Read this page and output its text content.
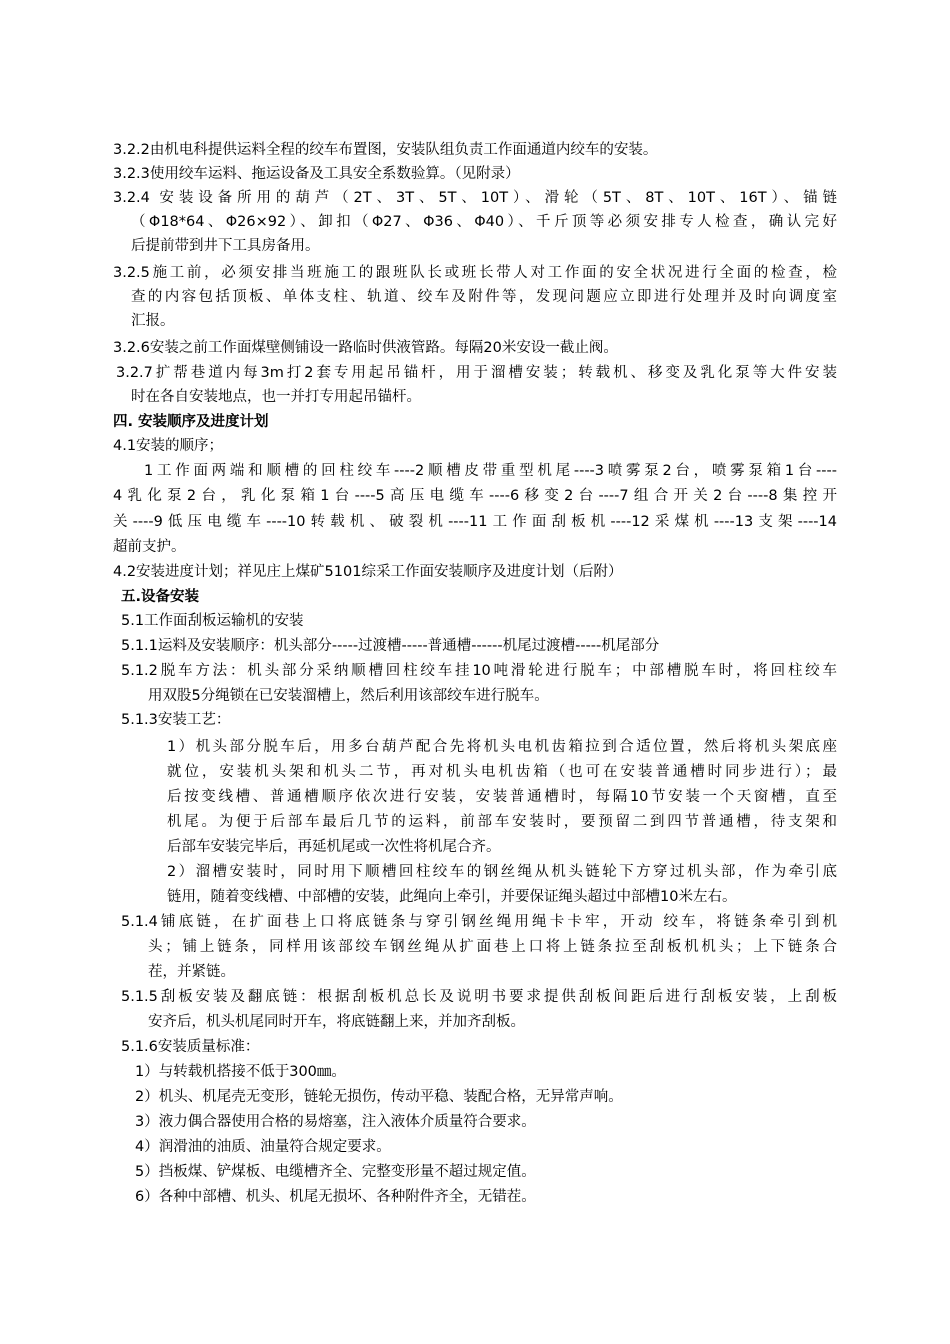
3.2.2由机电科提供运料全程的绞车布置图，安装队组负责工作面通道内绞车的安装。
3.2.3使用绞车运料、拖运设备及工具安全系数验算。（见附录）
3.2.4 安装设备所用的葫芦（2T、3T、5T、10T）、滑轮（5T、8T、10T、16T）、锚链
（Φ18*64、Φ26×92）、卸扣（Φ27、Φ36、Φ40）、千斤顶等必须安排专人检查，确认完好
后提前带到井下工具房备用。
3.2.5施工前，必须安排当班施工的跟班队长或班长带人对工作面的安全状况进行全面的检查，检
查的内容包括顶板、单体支柱、轨道、绞车及附件等，发现问题应立即进行处理并及时向调度室
汇报。
3.2.6安装之前工作面煤壁侧铺设一路临时供液管路。每隔20米安设一截止阀。
3.2.7扩帮巷道内每3m打2套专用起吊锚杆，用于溜槽安装；转载机、移变及乳化泵等大件安装
时在各自安装地点，也一并打专用起吊锚杆。
四. 安装顺序及进度计划
4.1安装的顺序；
1工作面两端和顺槽的回柱绞车----2顺槽皮带重型机尾----3喷雾泵2台，喷雾泵箱1台----
4乳化泵2台，乳化泵箱1台----5高压电缆车----6移变2台----7组合开关2台----8集控开
关----9低压电缆车----10转载机、破裂机----11工作面刮板机----12采煤机----13支架----14
超前支护。
4.2安装进度计划；祥见庄上煤矿5101综采工作面安装顺序及进度计划（后附）
五.设备安装
5.1工作面刮板运输机的安装
5.1.1运料及安装顺序：机头部分-----过渡槽-----普通槽------机尾过渡槽-----机尾部分
5.1.2脱车方法：机头部分采纳顺槽回柱绞车挂10吨滑轮进行脱车；中部槽脱车时，将回柱绞车
用双股5分绳锁在已安装溜槽上，然后利用该部绞车进行脱车。
5.1.3安装工艺：
1）机头部分脱车后，用多台葫芦配合先将机头电机齿箱拉到合适位置，然后将机头架底座
就位，安装机头架和机头二节，再对机头电机齿箱（也可在安装普通槽时同步进行）；最
后按变线槽、普通槽顺序依次进行安装，安装普通槽时，每隔10节安装一个天窗槽，直至
机尾。为便于后部车最后几节的运料，前部车安装时，要预留二到四节普通槽，待支架和
后部车安装完毕后，再延机尾或一次性将机尾合齐。
2）溜槽安装时，同时用下顺槽回柱绞车的钢丝绳从机头链轮下方穿过机头部，作为牵引底
链用，随着变线槽、中部槽的安装，此绳向上牵引，并要保证绳头超过中部槽10米左右。
5.1.4铺底链，在扩面巷上口将底链条与穿引钢丝绳用绳卡卡牢，开动 绞车，将链条牵引到机
头；铺上链条，同样用该部绞车钢丝绳从扩面巷上口将上链条拉至刮板机机头；上下链条合
茬，并紧链。
5.1.5刮板安装及翻底链：根据刮板机总长及说明书要求提供刮板间距后进行刮板安装，上刮板
安齐后，机头机尾同时开车，将底链翻上来，并加齐刮板。
5.1.6安装质量标准：
1）与转载机搭接不低于300㎜。
2）机头、机尾壳无变形，链轮无损伤，传动平稳、装配合格，无异常声响。
3）液力偶合器使用合格的易熔塞，注入液体介质量符合要求。
4）润滑油的油质、油量符合规定要求。
5）挡板煤、铲煤板、电缆槽齐全、完整变形量不超过规定值。
6）各种中部槽、机头、机尾无损坏、各种附件齐全，无错茬。
